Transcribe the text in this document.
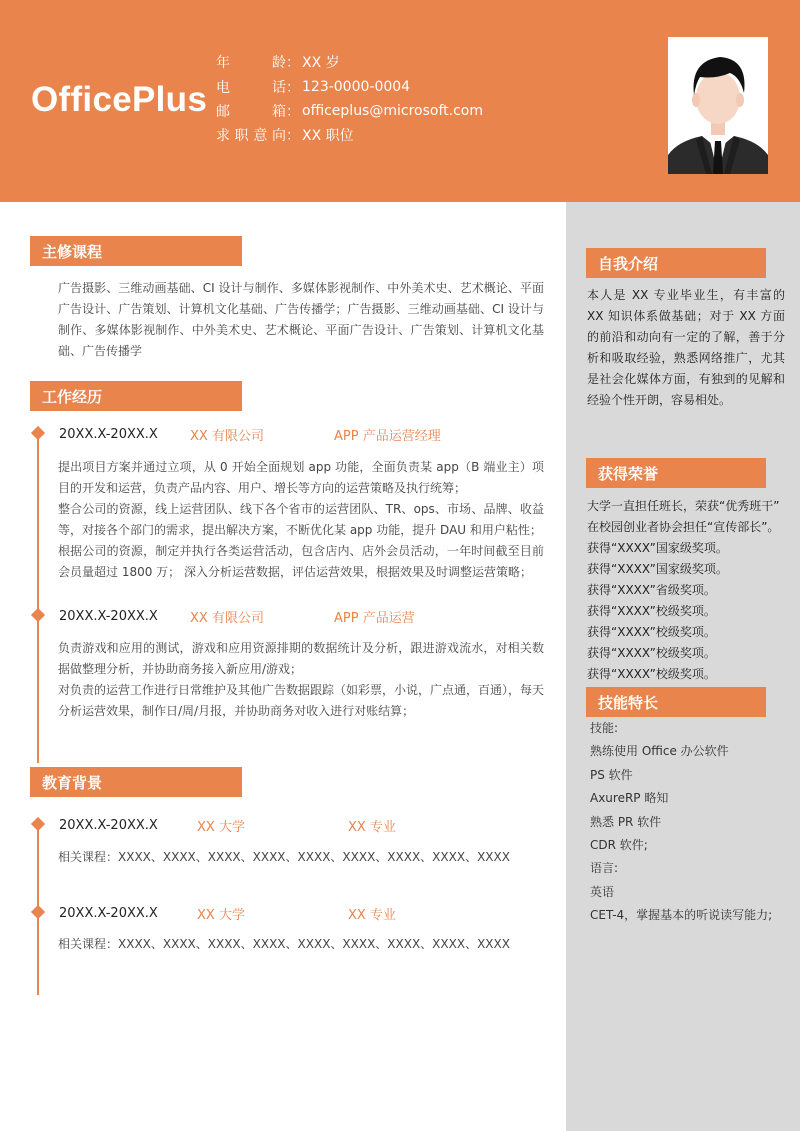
OfficePlus
年龄 ： XX 岁
电话 ： 123-0000-0004
邮箱 ： officeplus@microsoft.com
求职意向 ： XX 职位
主修课程
广告摄影、三维动画基础、CI 设计与制作、多媒体影视制作、中外美术史、艺术概论、平面广告设计、广告策划、计算机文化基础、广告传播学；广告摄影、三维动画基础、CI 设计与制作、多媒体影视制作、中外美术史、艺术概论、平面广告设计、广告策划、计算机文化基础、广告传播学
工作经历
20XX.X-20XX.X XX 有限公司	APP 产品运营经理
提出项目方案并通过立项，从 0 开始全面规划 app 功能，全面负责某 app（B 端业主）项目的开发和运营，负责产品内容、用户、增长等方向的运营策略及执行统筹；
整合公司的资源，线上运营团队、线下各个省市的运营团队、TR、ops、市场、品牌、收益等，对接各个部门的需求，提出解决方案，不断优化某 app 功能，提升 DAU 和用户粘性；
根据公司的资源，制定并执行各类运营活动，包含店内、店外会员活动，一年时间截至目前会员量超过 1800 万； 深入分析运营数据，评估运营效果，根据效果及时调整运营策略；
20XX.X-20XX.X XX 有限公司	APP 产品运营
负责游戏和应用的测试，游戏和应用资源排期的数据统计及分析，跟进游戏流水，对相关数据做整理分析，并协助商务接入新应用/游戏；
对负责的运营工作进行日常维护及其他广告数据跟踪（如彩票，小说，广点通，百通），每天分析运营效果，制作日/周/月报，并协助商务对收入进行对账结算；
教育背景
20XX.X-20XX.X	XX 大学	XX 专业
相关课程：XXXX、XXXX、XXXX、XXXX、XXXX、XXXX、XXXX、XXXX、XXXX
20XX.X-20XX.X	XX 大学	XX 专业
相关课程：XXXX、XXXX、XXXX、XXXX、XXXX、XXXX、XXXX、XXXX、XXXX
自我介绍
本人是 XX 专业毕业生，有丰富的 XX 知识体系做基础；对于 XX 方面的前沿和动向有一定的了解，善于分析和吸取经验，熟悉网络推广，尤其是社会化媒体方面，有独到的见解和经验个性开朗，容易相处。
获得荣誉
大学一直担任班长，荣获“优秀班干”
在校园创业者协会担任“宣传部长”。
获得“XXXX”国家级奖项。
获得“XXXX”国家级奖项。
获得“XXXX”省级奖项。
获得“XXXX”校级奖项。
获得“XXXX”校级奖项。
获得“XXXX”校级奖项。
获得“XXXX”校级奖项。
技能特长
技能:
熟练使用 Office 办公软件
PS 软件
AxureRP 略知
熟悉 PR 软件
CDR 软件;
语言:
英语
CET-4，掌握基本的听说读写能力;
